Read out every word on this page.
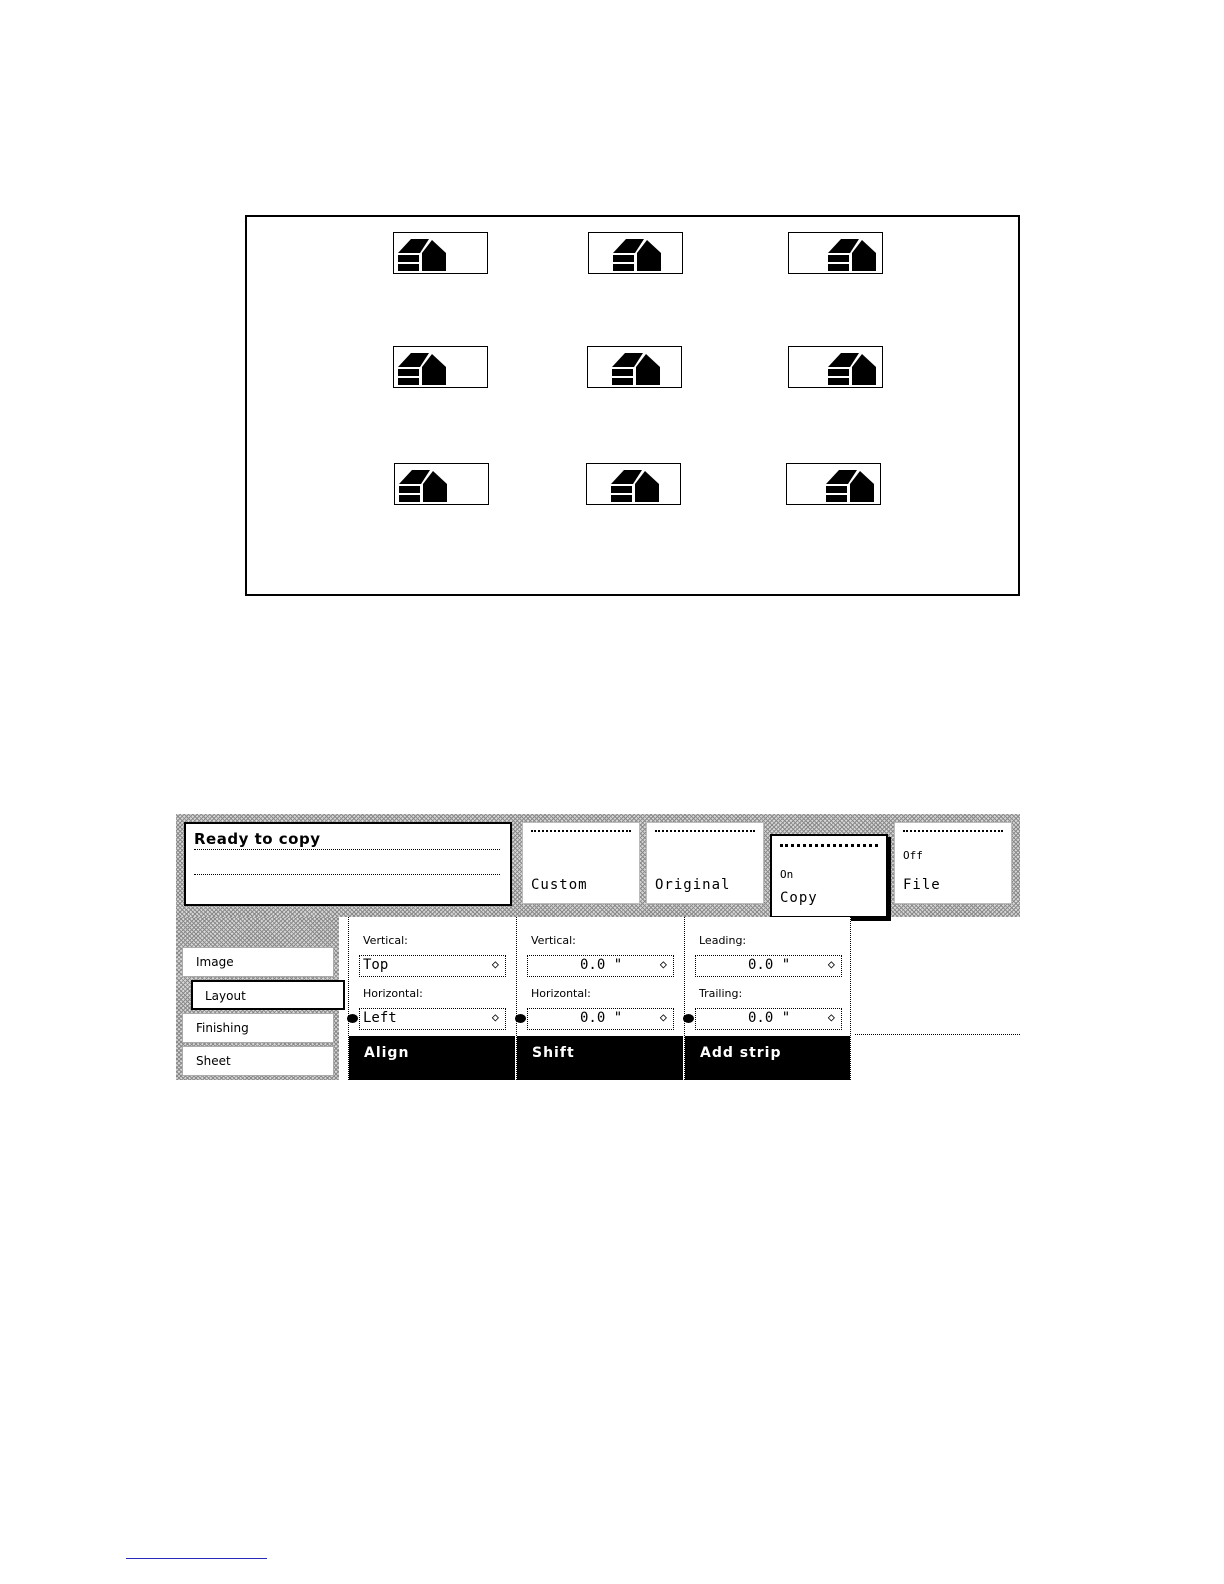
Ready to copy
Custom	Original
On
Copy
Off
File
Image
Layout
Finishing
Sheet
Vertical:
Top	◇
Horizontal:
Left	◇
Align
Vertical:
0.0 "	◇
Horizontal:
0.0 "	◇
Shift
Leading:
0.0 "	◇
Trailing:
0.0 "	◇
Add strip
